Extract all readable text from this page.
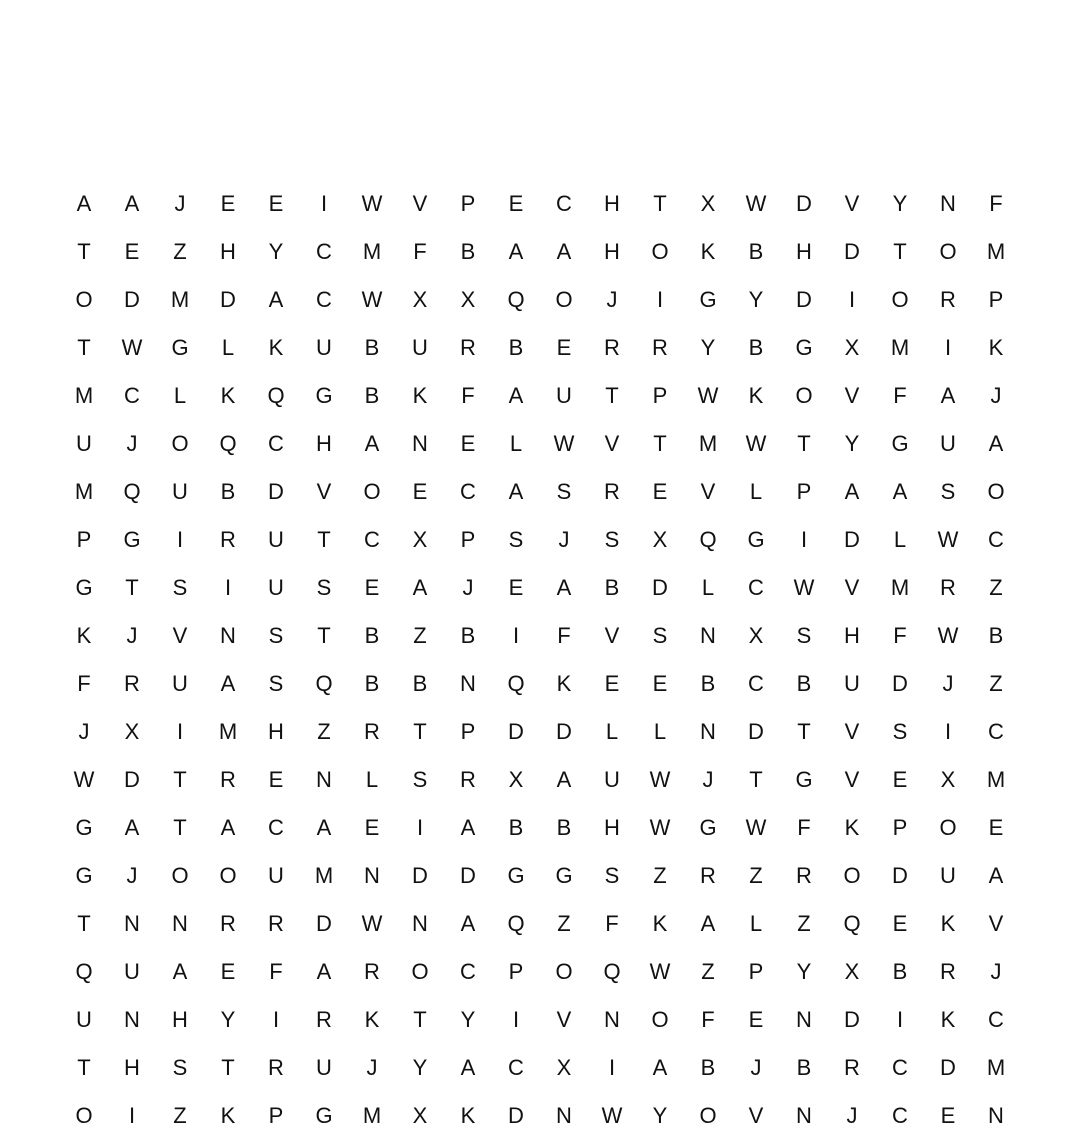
A	A	J	E	E	I	W	V	P	E	C	H	T	X	W	D	V	Y	N	F
T	E	Z	H	Y	C	M	F	B	A	A	H	O	K	B	H	D	T	O	M
O	D	M	D	A	C	W	X	X	Q	O	J	I	G	Y	D	I	O	R	P
T	W	G	L	K	U	B	U	R	B	E	R	R	Y	B	G	X	M	I	K
M	C	L	K	Q	G	B	K	F	A	U	T	P	W	K	O	V	F	A	J
U	J	O	Q	C	H	A	N	E	L	W	V	T	M	W	T	Y	G	U	A
M	Q	U	B	D	V	O	E	C	A	S	R	E	V	L	P	A	A	S	O
P	G	I	R	U	T	C	X	P	S	J	S	X	Q	G	I	D	L	W	C
G	T	S	I	U	S	E	A	J	E	A	B	D	L	C	W	V	M	R	Z
K	J	V	N	S	T	B	Z	B	I	F	V	S	N	X	S	H	F	W	B
F	R	U	A	S	Q	B	B	N	Q	K	E	E	B	C	B	U	D	J	Z
J	X	I	M	H	Z	R	T	P	D	D	L	L	N	D	T	V	S	I	C
W	D	T	R	E	N	L	S	R	X	A	U	W	J	T	G	V	E	X	M
G	A	T	A	C	A	E	I	A	B	B	H	W	G	W	F	K	P	O	E
G	J	O	O	U	M	N	D	D	G	G	S	Z	R	Z	R	O	D	U	A
T	N	N	R	R	D	W	N	A	Q	Z	F	K	A	L	Z	Q	E	K	V
Q	U	A	E	F	A	R	O	C	P	O	Q	W	Z	P	Y	X	B	R	J
U	N	H	Y	I	R	K	T	Y	I	V	N	O	F	E	N	D	I	K	C
T	H	S	T	R	U	J	Y	A	C	X	I	A	B	J	B	R	C	D	M
O	I	Z	K	P	G	M	X	K	D	N	W	Y	O	V	N	J	C	E	N
